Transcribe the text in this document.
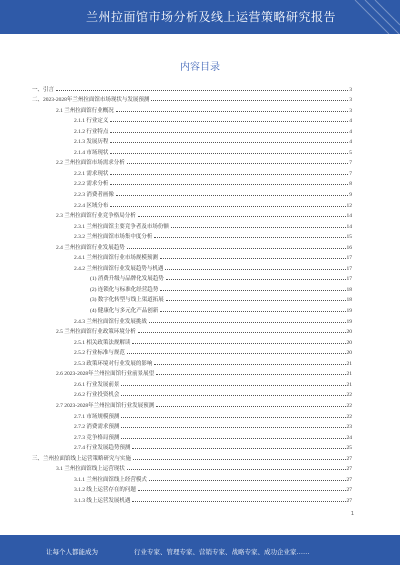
兰州拉面馆市场分析及线上运营策略研究报告
内容目录
一、引言	3
二、2023-2028年兰州拉面馆市场现状与发展预测	3
2.1 兰州拉面馆行业概况	3
2.1.1 行业定义	4
2.1.2 行业特点	4
2.1.3 发展历程	4
2.1.4 市场现状	5
2.2 兰州拉面馆市场需求分析	7
2.2.1 需求现状	7
2.2.2 需求分析	8
2.2.3 消费者画像	9
2.2.4 区域分布	12
2.3 兰州拉面馆行业竞争格局分析	14
2.3.1 兰州拉面馆主要竞争者及市场份额	14
2.3.2 兰州拉面馆市场集中度分析	15
2.4 兰州拉面馆行业发展趋势	16
2.4.1 兰州拉面馆行业市场规模预测	17
2.4.2 兰州拉面馆行业发展趋势与机遇	17
(1) 消费升级与品牌化发展趋势	17
(2) 连锁化与标准化经营趋势	18
(3) 数字化转型与线上渠道拓展	18
(4) 健康化与多元化产品创新	19
2.4.3 兰州拉面馆行业发展挑战	19
2.5 兰州拉面馆行业政策环境分析	20
2.5.1 相关政策法规解读	20
2.5.2 行业标准与规范	20
2.5.3 政策环境对行业发展的影响	21
2.6 2023-2028年兰州拉面馆行业前景展望	21
2.6.1 行业发展前景	21
2.6.2 行业投资机会	22
2.7 2023-2028年兰州拉面馆行业发展预测	22
2.7.1 市场规模预测	22
2.7.2 消费需求预测	23
2.7.3 竞争格局预测	24
2.7.4 行业发展趋势预测	25
三、兰州拉面馆线上运营策略研究与实施	27
3.1 兰州拉面馆线上运营现状	27
3.1.1 兰州拉面馆线上经营模式	27
3.1.2 线上运营存在的问题	27
3.1.3 线上运营发展机遇	27
1
让每个人都能成为	行业专家、管理专家、营销专家、战略专家、成功企业家……
